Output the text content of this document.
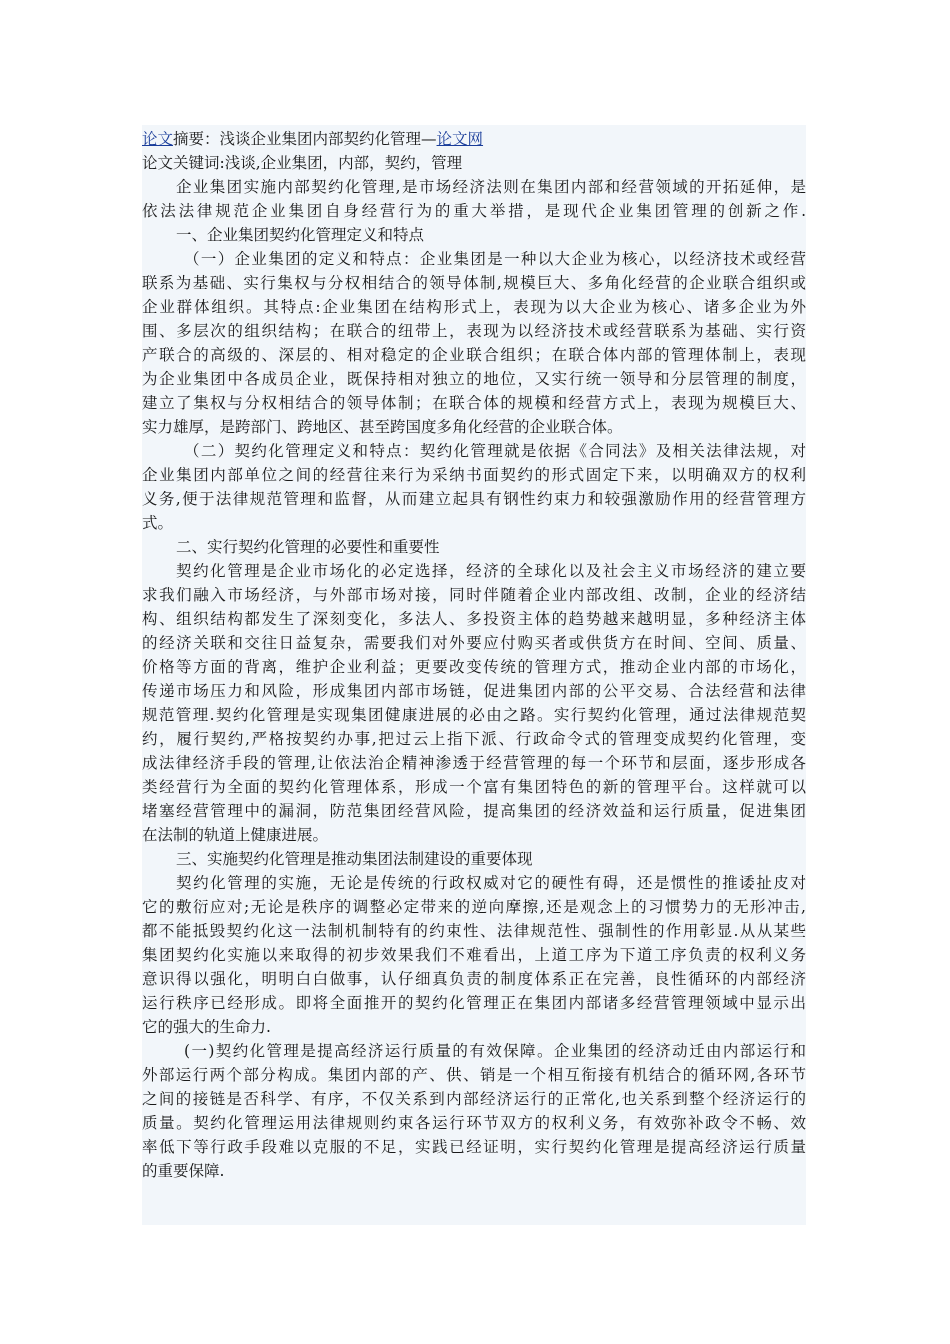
论文摘要：浅谈企业集团内部契约化管理—论文网
论文关键词:浅谈,企业集团，内部，契约，管理
企业集团实施内部契约化管理,是市场经济法则在集团内部和经营领域的开拓延伸，是
依法法律规范企业集团自身经营行为的重大举措，是现代企业集团管理的创新之作.
一、企业集团契约化管理定义和特点
（一）企业集团的定义和特点：企业集团是一种以大企业为核心，以经济技术或经营
联系为基础、实行集权与分权相结合的领导体制,规模巨大、多角化经营的企业联合组织或
企业群体组织。其特点:企业集团在结构形式上，表现为以大企业为核心、诸多企业为外
围、多层次的组织结构；在联合的纽带上，表现为以经济技术或经营联系为基础、实行资
产联合的高级的、深层的、相对稳定的企业联合组织；在联合体内部的管理体制上，表现
为企业集团中各成员企业，既保持相对独立的地位，又实行统一领导和分层管理的制度，
建立了集权与分权相结合的领导体制；在联合体的规模和经营方式上，表现为规模巨大、
实力雄厚，是跨部门、跨地区、甚至跨国度多角化经营的企业联合体。
（二）契约化管理定义和特点：契约化管理就是依据《合同法》及相关法律法规，对
企业集团内部单位之间的经营往来行为采纳书面契约的形式固定下来，以明确双方的权利
义务,便于法律规范管理和监督，从而建立起具有钢性约束力和较强激励作用的经营管理方
式。
二、实行契约化管理的必要性和重要性
契约化管理是企业市场化的必定选择，经济的全球化以及社会主义市场经济的建立要
求我们融入市场经济，与外部市场对接，同时伴随着企业内部改组、改制，企业的经济结
构、组织结构都发生了深刻变化，多法人、多投资主体的趋势越来越明显，多种经济主体
的经济关联和交往日益复杂，需要我们对外要应付购买者或供货方在时间、空间、质量、
价格等方面的背离，维护企业利益；更要改变传统的管理方式，推动企业内部的市场化，
传递市场压力和风险，形成集团内部市场链，促进集团内部的公平交易、合法经营和法律
规范管理.契约化管理是实现集团健康进展的必由之路。实行契约化管理，通过法律规范契
约，履行契约,严格按契约办事,把过云上指下派、行政命令式的管理变成契约化管理，变
成法律经济手段的管理,让依法治企精神渗透于经营管理的每一个环节和层面，逐步形成各
类经营行为全面的契约化管理体系，形成一个富有集团特色的新的管理平台。这样就可以
堵塞经营管理中的漏洞，防范集团经营风险，提高集团的经济效益和运行质量，促进集团
在法制的轨道上健康进展。
三、实施契约化管理是推动集团法制建设的重要体现
契约化管理的实施，无论是传统的行政权威对它的硬性有碍，还是惯性的推诿扯皮对
它的敷衍应对;无论是秩序的调整必定带来的逆向摩擦,还是观念上的习惯势力的无形冲击,
都不能抵毁契约化这一法制机制特有的约束性、法律规范性、强制性的作用彰显.从从某些
集团契约化实施以来取得的初步效果我们不难看出，上道工序为下道工序负责的权利义务
意识得以强化，明明白白做事，认仔细真负责的制度体系正在完善，良性循环的内部经济
运行秩序已经形成。即将全面推开的契约化管理正在集团内部诸多经营管理领域中显示出
它的强大的生命力.
(一)契约化管理是提高经济运行质量的有效保障。企业集团的经济动迁由内部运行和
外部运行两个部分构成。集团内部的产、供、销是一个相互衔接有机结合的循环网,各环节
之间的接链是否科学、有序，不仅关系到内部经济运行的正常化,也关系到整个经济运行的
质量。契约化管理运用法律规则约束各运行环节双方的权利义务，有效弥补政令不畅、效
率低下等行政手段难以克服的不足，实践已经证明，实行契约化管理是提高经济运行质量
的重要保障.
